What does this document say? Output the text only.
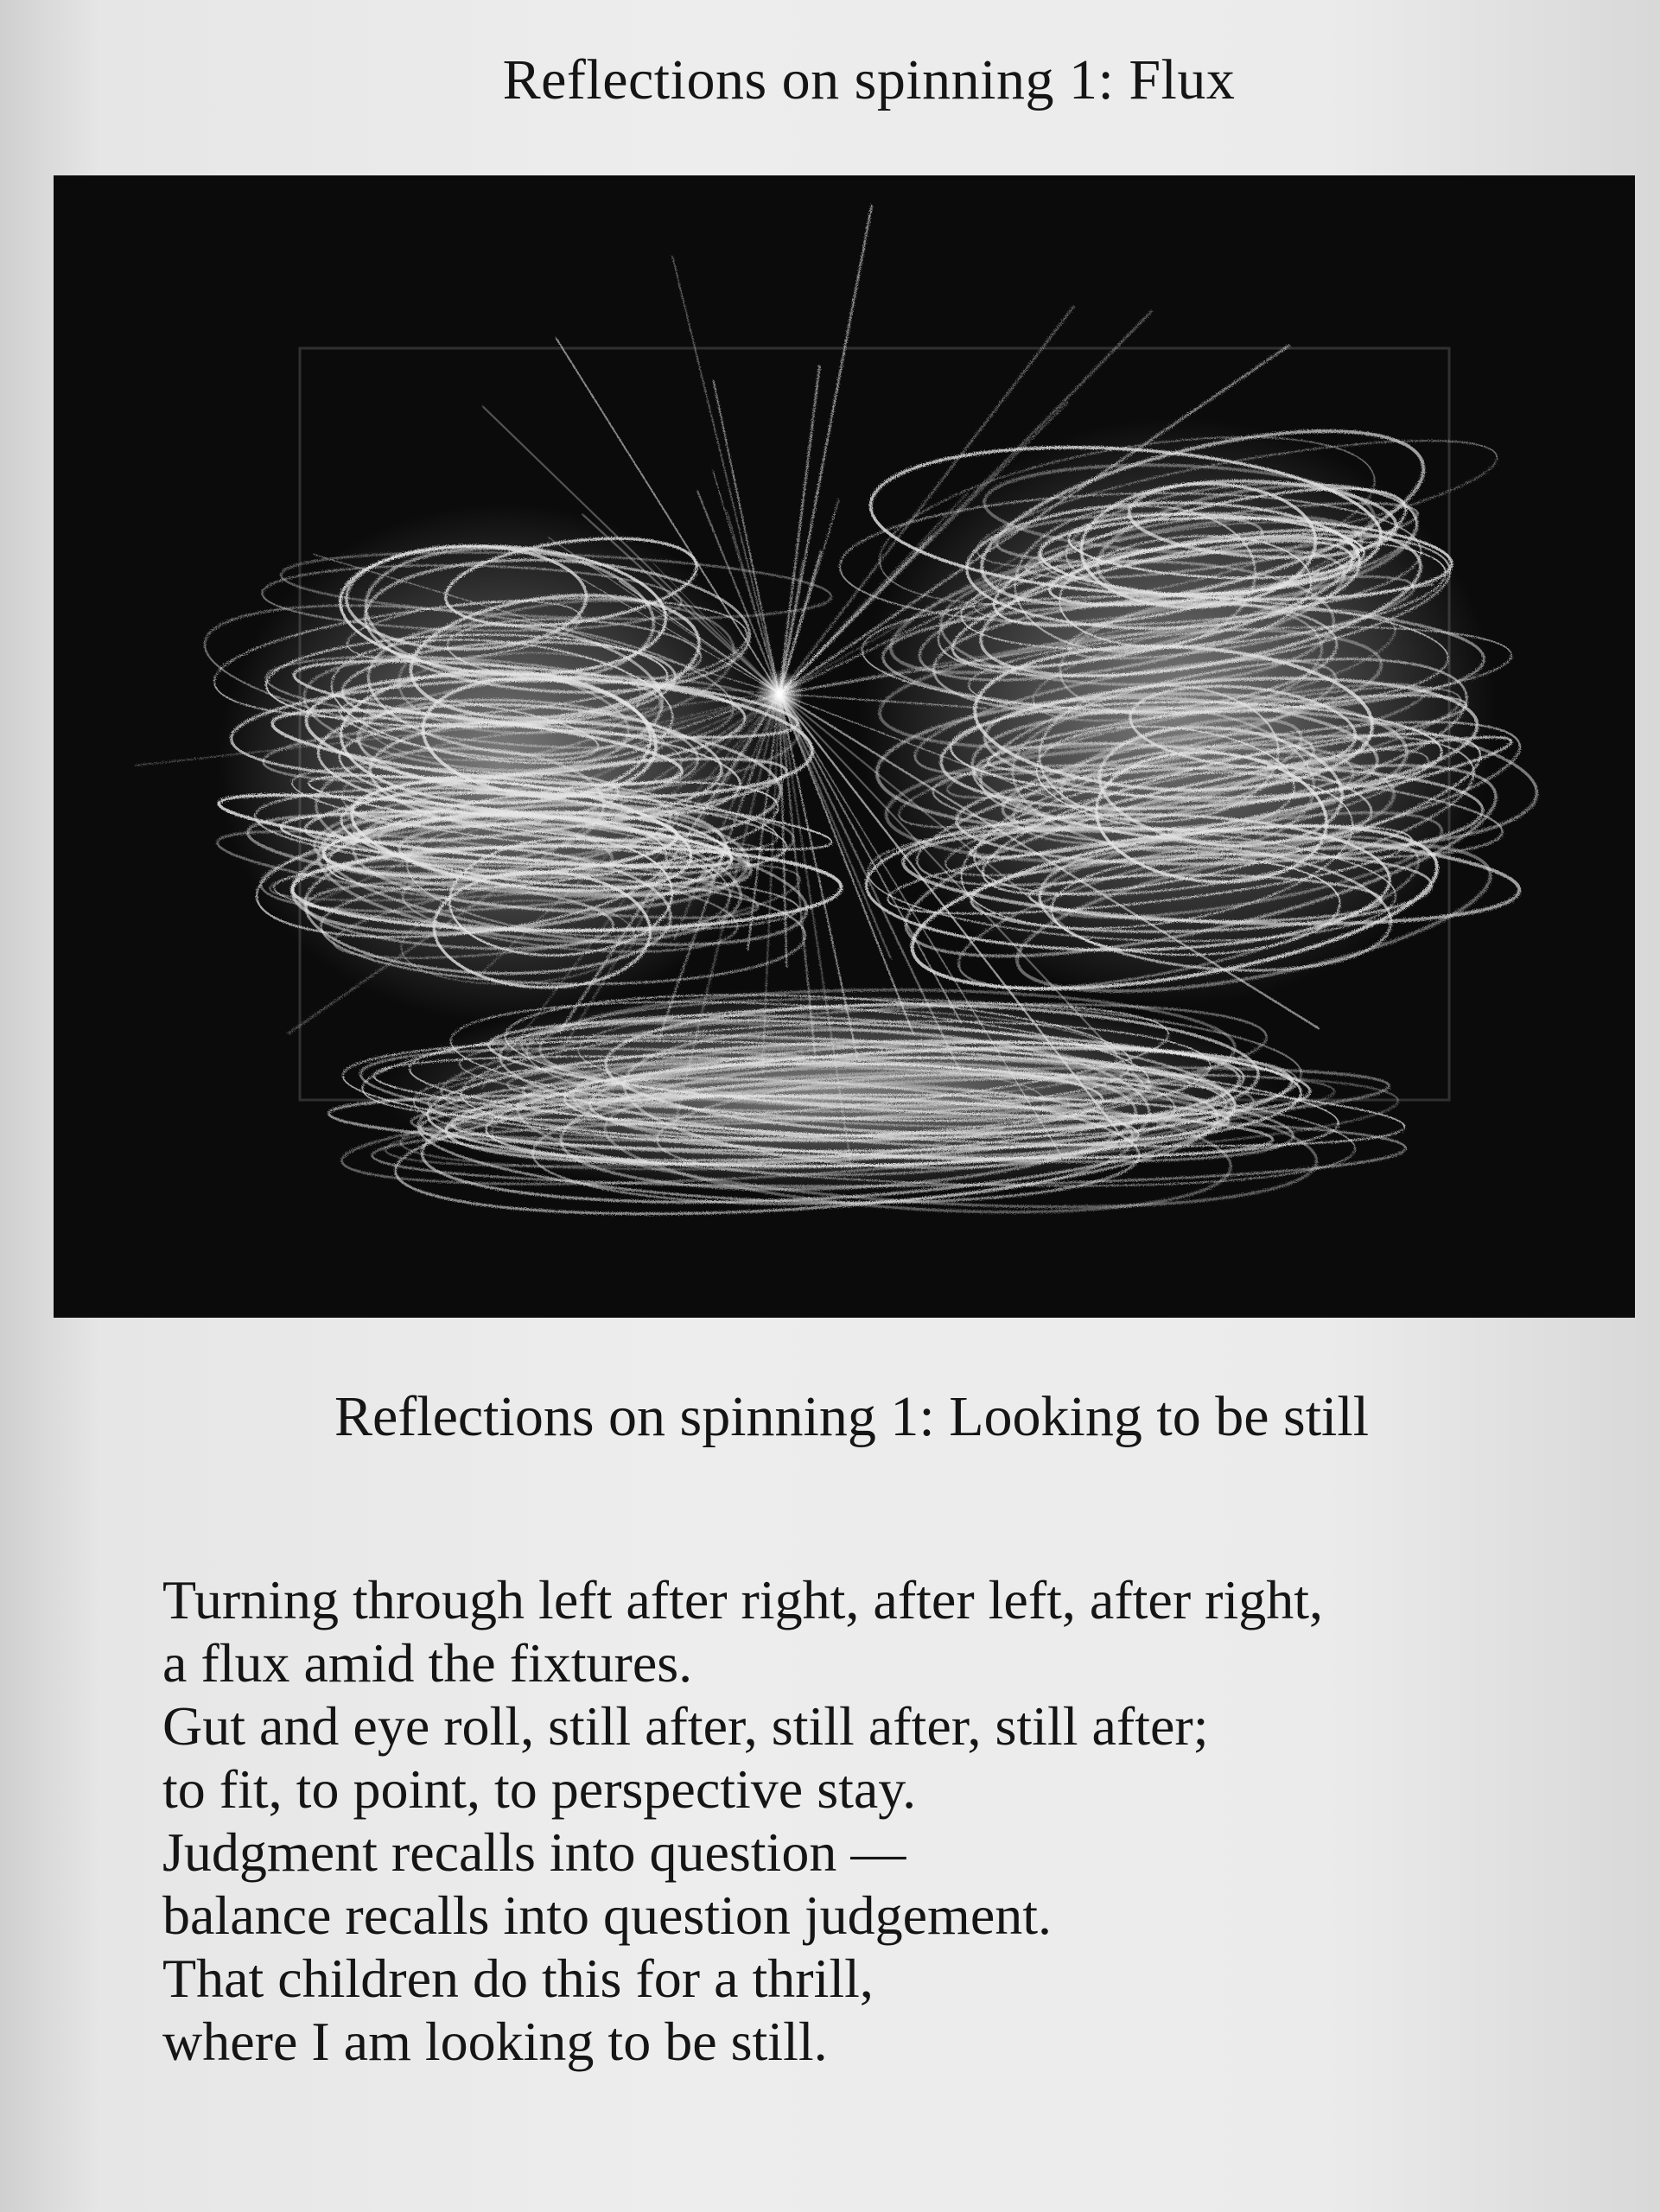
Reflections on spinning 1: Flux
Reflections on spinning 1: Looking to be still
Turning through left after right, after left, after right,
a flux amid the fixtures.
Gut and eye roll, still after, still after, still after;
to fit, to point, to perspective stay.
Judgment recalls into question —
balance recalls into question judgement.
That children do this for a thrill,
where I am looking to be still.
